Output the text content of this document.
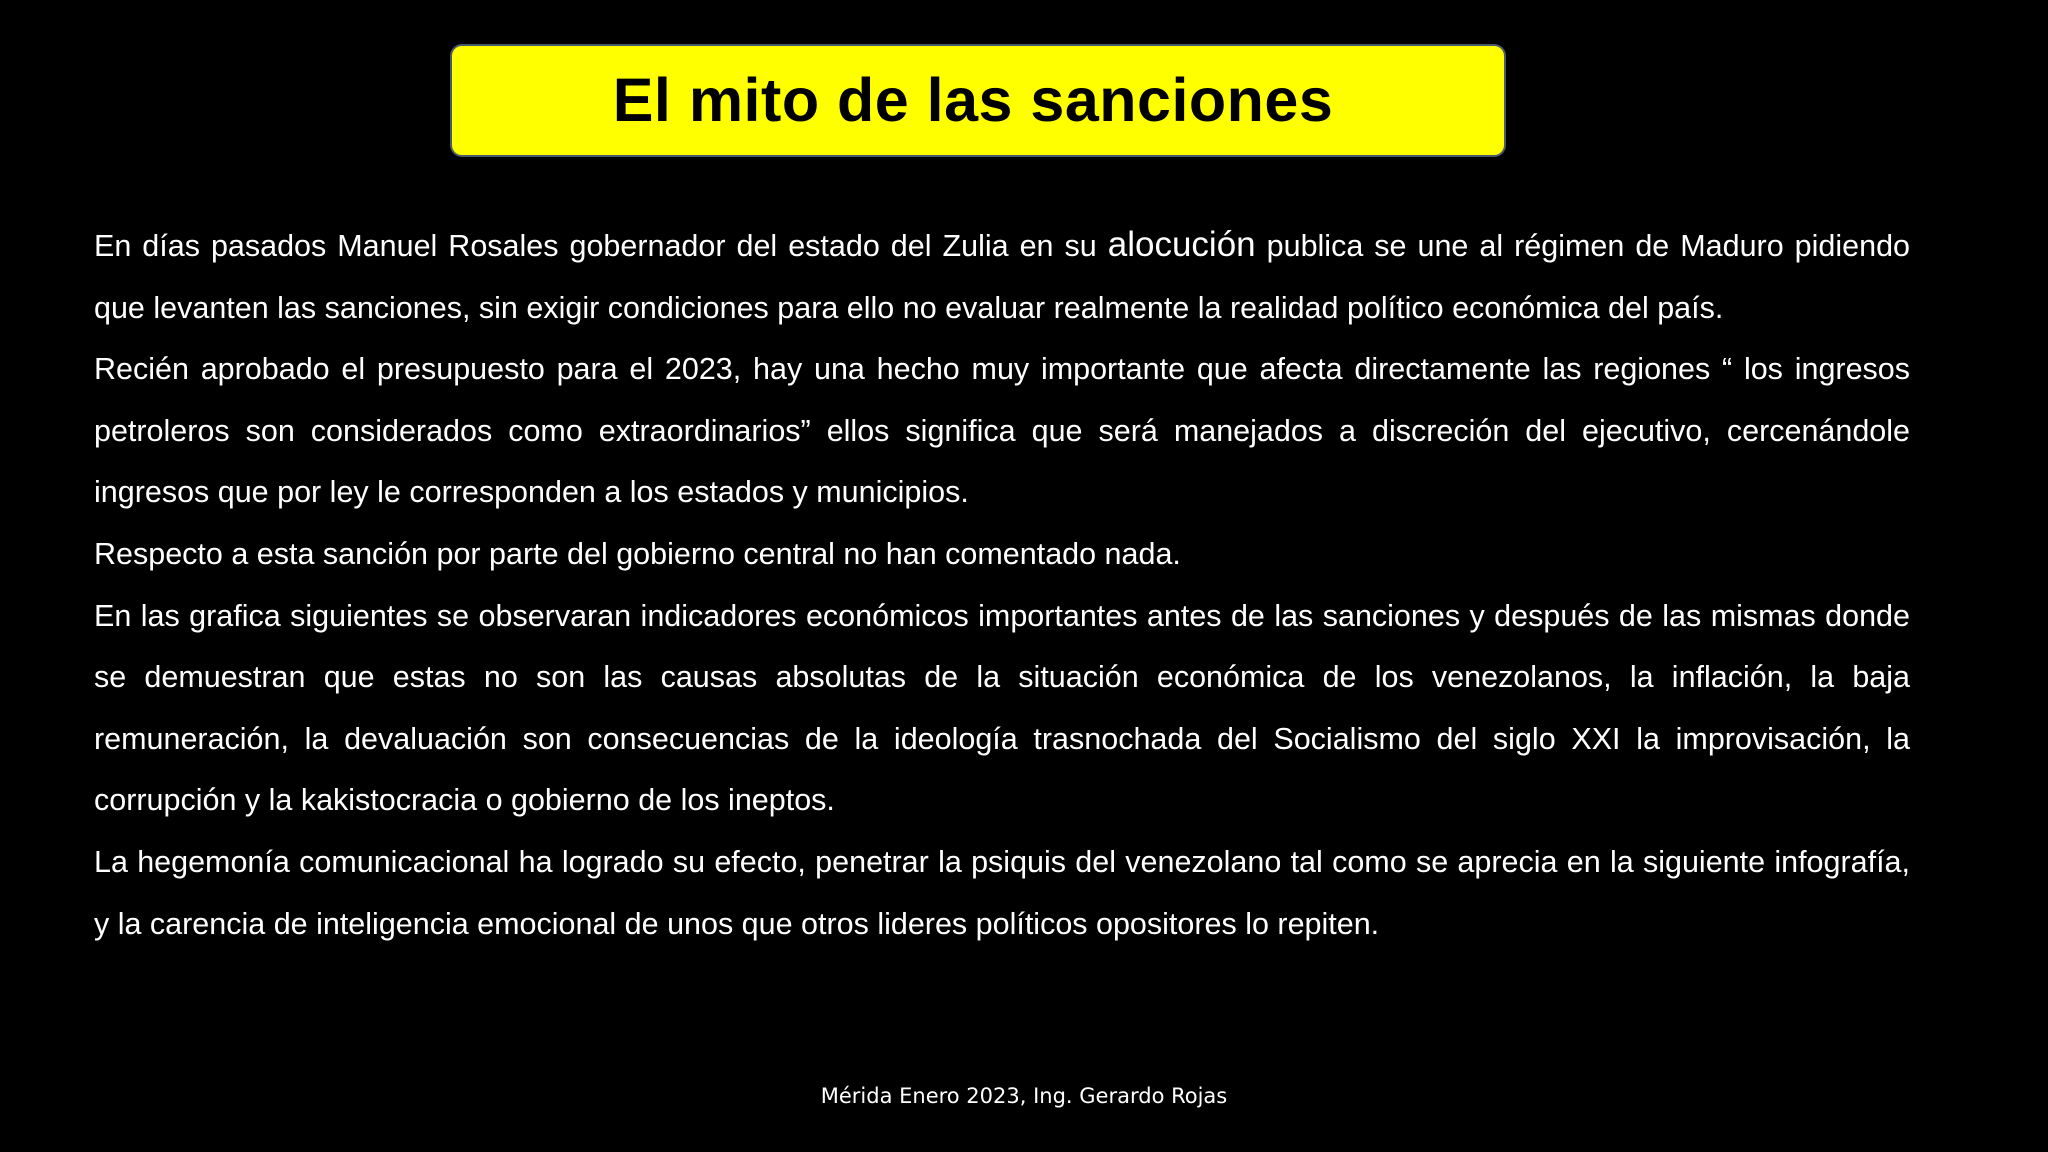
El mito de las sanciones

En días pasados Manuel Rosales gobernador del estado del Zulia en su alocución publica se une al régimen de Maduro pidiendo que levanten las sanciones, sin exigir condiciones para ello no evaluar realmente la realidad político económica del país.

Recién aprobado el presupuesto para el 2023, hay una hecho muy importante que afecta directamente las regiones “ los ingresos petroleros son considerados como extraordinarios” ellos significa que será manejados a discreción del ejecutivo, cercenándole ingresos que por ley le corresponden a los estados y municipios.

Respecto a esta sanción por parte del gobierno central no han comentado nada.

En las grafica siguientes se observaran indicadores económicos importantes antes de las sanciones y después de las mismas donde se demuestran que estas no son las causas absolutas de la situación económica de los venezolanos, la inflación, la baja remuneración, la devaluación son consecuencias de la ideología trasnochada del Socialismo del siglo XXI la improvisación, la corrupción y la kakistocracia o gobierno de los ineptos.

La hegemonía comunicacional ha logrado su efecto, penetrar la psiquis del venezolano tal como se aprecia en la siguiente infografía, y la carencia de inteligencia emocional de unos que otros lideres políticos opositores lo repiten.

Mérida Enero 2023, Ing. Gerardo Rojas
